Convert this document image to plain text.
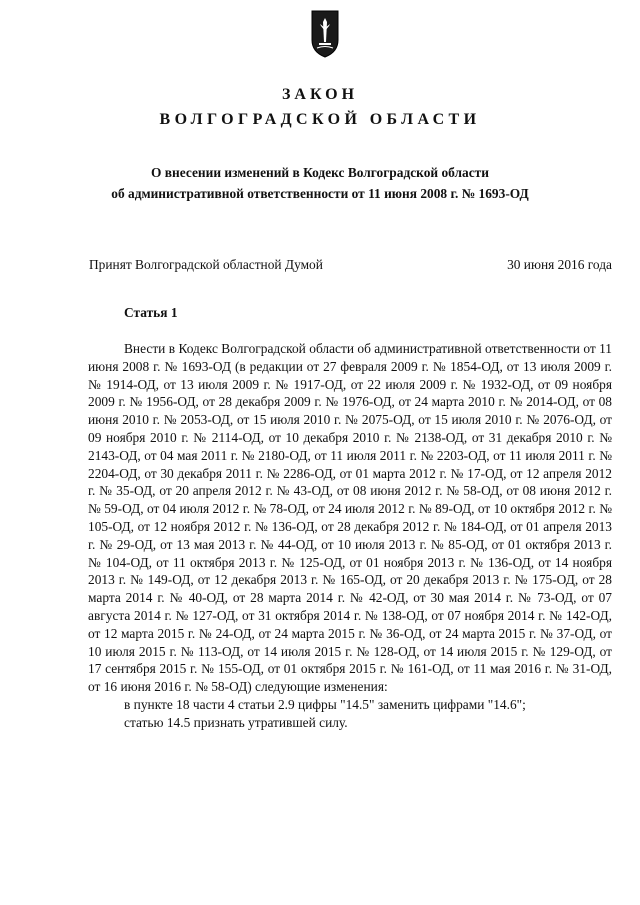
ЗАКОН
ВОЛГОГРАДСКОЙ ОБЛАСТИ
О внесении изменений в Кодекс Волгоградской области
об административной ответственности от 11 июня 2008 г. № 1693-ОД
Принят Волгоградской областной Думой	30 июня 2016 года
Статья 1

Внести в Кодекс Волгоградской области об административной ответственности от 11 июня 2008 г. № 1693-ОД (в редакции от 27 февраля 2009 г. № 1854-ОД, от 13 июля 2009 г. № 1914-ОД, от 13 июля 2009 г. № 1917-ОД, от 22 июля 2009 г. № 1932-ОД, от 09 ноября 2009 г. № 1956-ОД, от 28 декабря 2009 г. № 1976-ОД, от 24 марта 2010 г. № 2014-ОД, от 08 июня 2010 г. № 2053-ОД, от 15 июля 2010 г. № 2075-ОД, от 15 июля 2010 г. № 2076-ОД, от 09 ноября 2010 г. № 2114-ОД, от 10 декабря 2010 г. № 2138-ОД, от 31 декабря 2010 г. № 2143-ОД, от 04 мая 2011 г. № 2180-ОД, от 11 июля 2011 г. № 2203-ОД, от 11 июля 2011 г. № 2204-ОД, от 30 декабря 2011 г. № 2286-ОД, от 01 марта 2012 г. № 17-ОД, от 12 апреля 2012 г. № 35-ОД, от 20 апреля 2012 г. № 43-ОД, от 08 июня 2012 г. № 58-ОД, от 08 июня 2012 г. № 59-ОД, от 04 июля 2012 г. № 78-ОД, от 24 июля 2012 г. № 89-ОД, от 10 октября 2012 г. № 105-ОД, от 12 ноября 2012 г. № 136-ОД, от 28 декабря 2012 г. № 184-ОД, от 01 апреля 2013 г. № 29-ОД, от 13 мая 2013 г. № 44-ОД, от 10 июля 2013 г. № 85-ОД, от 01 октября 2013 г. № 104-ОД, от 11 октября 2013 г. № 125-ОД, от 01 ноября 2013 г. № 136-ОД, от 14 ноября 2013 г. № 149-ОД, от 12 декабря 2013 г. № 165-ОД, от 20 декабря 2013 г. № 175-ОД, от 28 марта 2014 г. № 40-ОД, от 28 марта 2014 г. № 42-ОД, от 30 мая 2014 г. № 73-ОД, от 07 августа 2014 г. № 127-ОД, от 31 октября 2014 г. № 138-ОД, от 07 ноября 2014 г. № 142-ОД, от 12 марта 2015 г. № 24-ОД, от 24 марта 2015 г. № 36-ОД, от 24 марта 2015 г. № 37-ОД, от 10 июля 2015 г. № 113-ОД, от 14 июля 2015 г. № 128-ОД, от 14 июля 2015 г. № 129-ОД, от 17 сентября 2015 г. № 155-ОД, от 01 октября 2015 г. № 161-ОД, от 11 мая 2016 г. № 31-ОД, от 16 июня 2016 г. № 58-ОД) следующие изменения:

в пункте 18 части 4 статьи 2.9 цифры "14.5" заменить цифрами "14.6";

статью 14.5 признать утратившей силу.
